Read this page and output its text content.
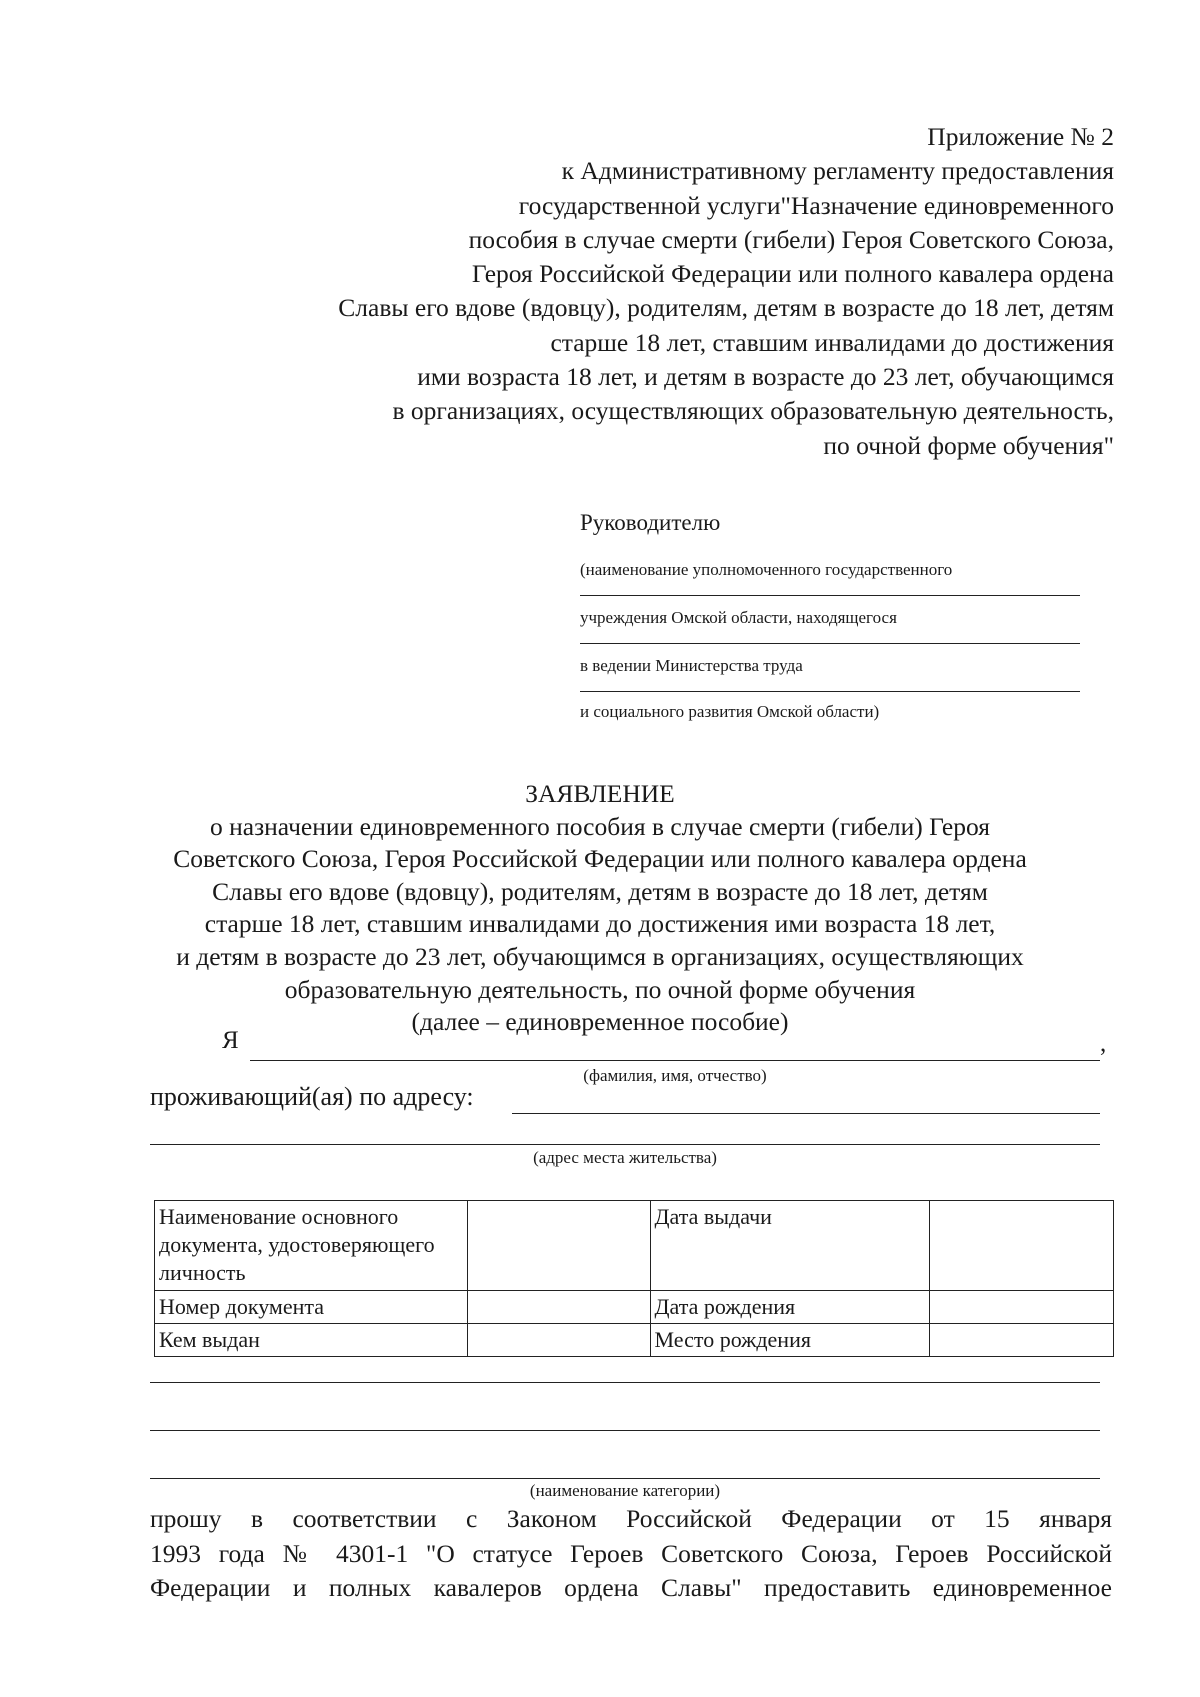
Приложение № 2
к Административному регламенту предоставления
государственной услуги"Назначение единовременного
пособия в случае смерти (гибели) Героя Советского Союза,
Героя Российской Федерации или полного кавалера ордена
Славы его вдове (вдовцу), родителям, детям в возрасте до 18 лет, детям
старше 18 лет, ставшим инвалидами до достижения
ими возраста 18 лет, и детям в возрасте до 23 лет, обучающимся
в организациях, осуществляющих образовательную деятельность,
по очной форме обучения"
Руководителю
(наименование уполномоченного государственного
учреждения Омской области, находящегося
в ведении Министерства труда
и социального развития Омской области)
ЗАЯВЛЕНИЕ
о назначении единовременного пособия в случае смерти (гибели) Героя
Советского Союза, Героя Российской Федерации или полного кавалера ордена
Славы его вдове (вдовцу), родителям, детям в возрасте до 18 лет, детям
старше 18 лет, ставшим инвалидами до достижения ими возраста 18 лет,
и детям в возрасте до 23 лет, обучающимся в организациях, осуществляющих
образовательную деятельность, по очной форме обучения
(далее – единовременное пособие)
Я	,
(фамилия, имя, отчество)
проживающий(ая) по адресу:
(адрес места жительства)
Наименование основного документа, удостоверяющего личность		Дата выдачи	
Номер документа		Дата рождения	
Кем выдан		Место рождения	
(наименование категории)
прошу в соответствии с Законом Российской Федерации от 15 января
1993 года № 4301-1 "О статусе Героев Советского Союза, Героев Российской
Федерации и полных кавалеров ордена Славы" предоставить единовременное
